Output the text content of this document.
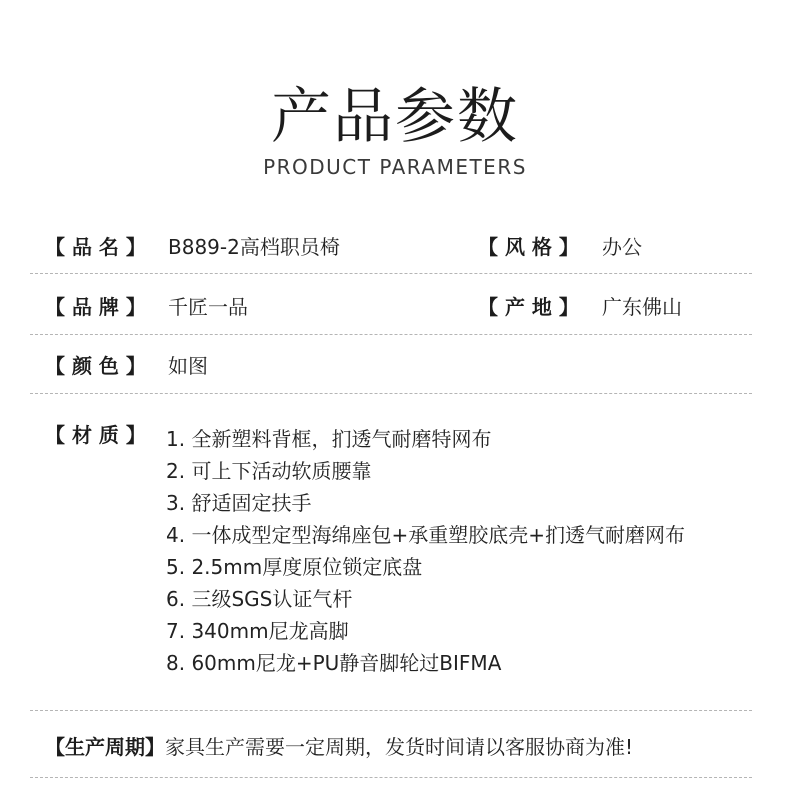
产品参数
PRODUCT PARAMETERS
【 品 名 】 B889-2高档职员椅	【 风 格 】 办公
【 品 牌 】 千匠一品	【 产 地 】 广东佛山
【 颜 色 】 如图
【 材 质 】 1. 全新塑料背框，扪透气耐磨特网布
2. 可上下活动软质腰靠
3. 舒适固定扶手
4. 一体成型定型海绵座包+承重塑胶底壳+扪透气耐磨网布
5. 2.5mm厚度原位锁定底盘
6. 三级SGS认证气杆
7. 340mm尼龙高脚
8. 60mm尼龙+PU静音脚轮过BIFMA
【生产周期】家具生产需要一定周期，发货时间请以客服协商为准!
